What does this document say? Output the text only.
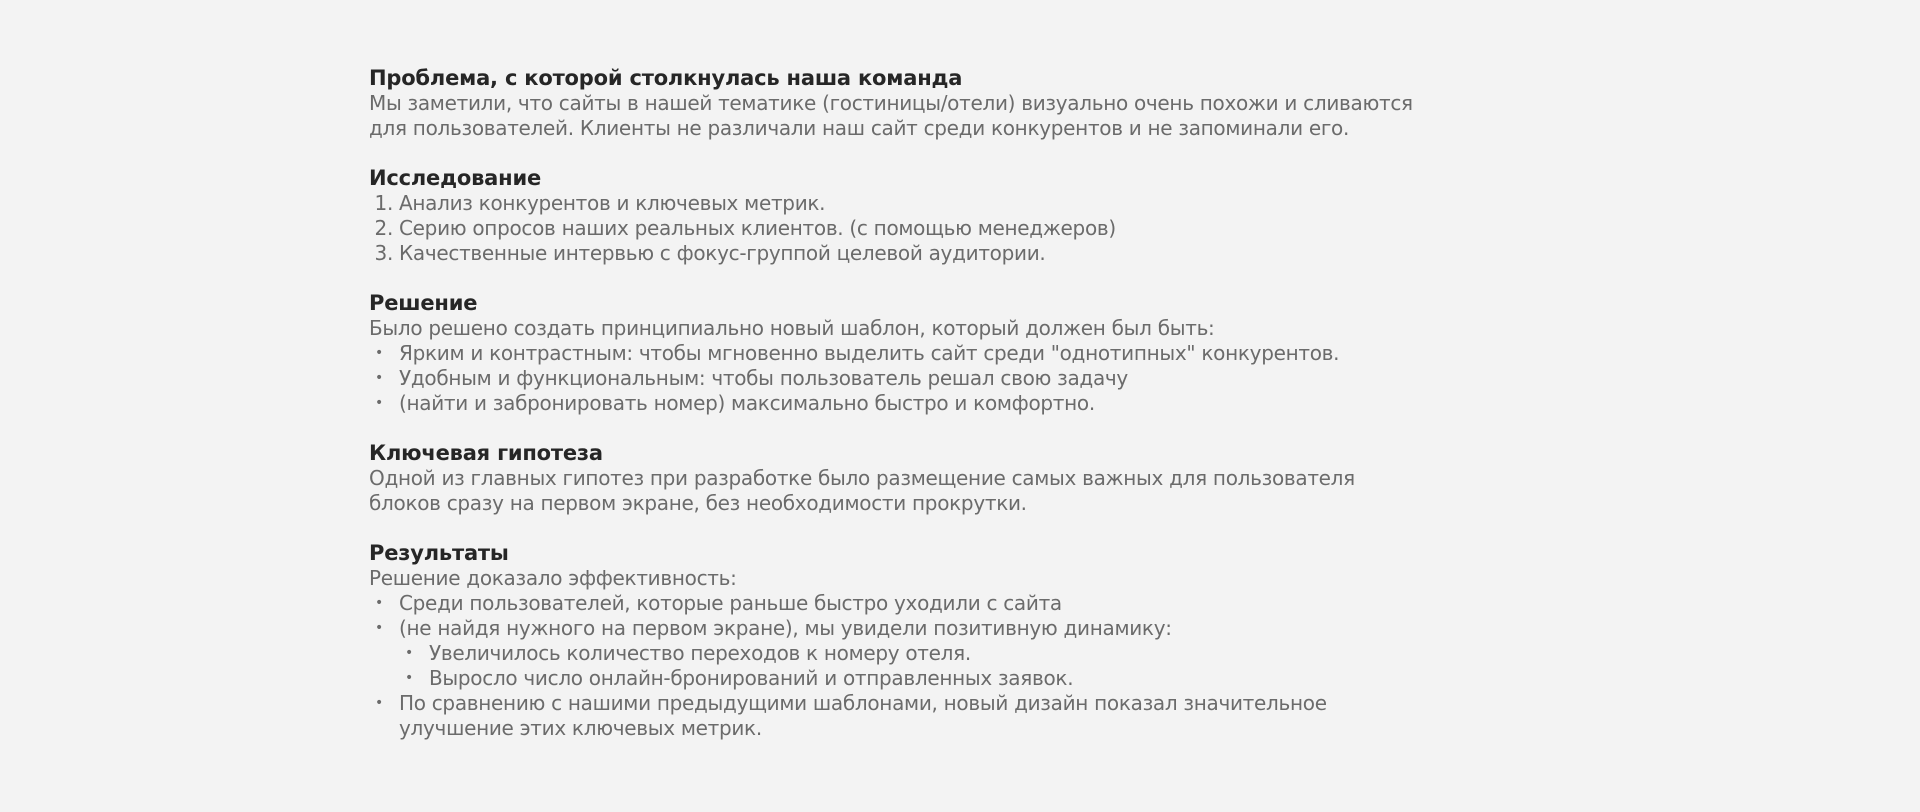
Проблема, с которой столкнулась наша команда

Мы заметили, что сайты в нашей тематике (гостиницы/отели) визуально очень похожи и сливаются

для пользователей. Клиенты не различали наш сайт среди конкурентов и не запоминали его.

Исследование

1. Анализ конкурентов и ключевых метрик.
2. Серию опросов наших реальных клиентов. (с помощью менеджеров)
3. Качественные интервью с фокус-группой целевой аудитории.

Решение

Было решено создать принципиально новый шаблон, который должен был быть:

• Ярким и контрастным: чтобы мгновенно выделить сайт среди "однотипных" конкурентов.
• Удобным и функциональным: чтобы пользователь решал свою задачу
• (найти и забронировать номер) максимально быстро и комфортно.

Ключевая гипотеза

Одной из главных гипотез при разработке было размещение самых важных для пользователя

блоков сразу на первом экране, без необходимости прокрутки.

Результаты

Решение доказало эффективность:

• Среди пользователей, которые раньше быстро уходили с сайта
• (не найдя нужного на первом экране), мы увидели позитивную динамику:
• Увеличилось количество переходов к номеру отеля.
• Выросло число онлайн-бронирований и отправленных заявок.
• По сравнению с нашими предыдущими шаблонами, новый дизайн показал значительное
улучшение этих ключевых метрик.
